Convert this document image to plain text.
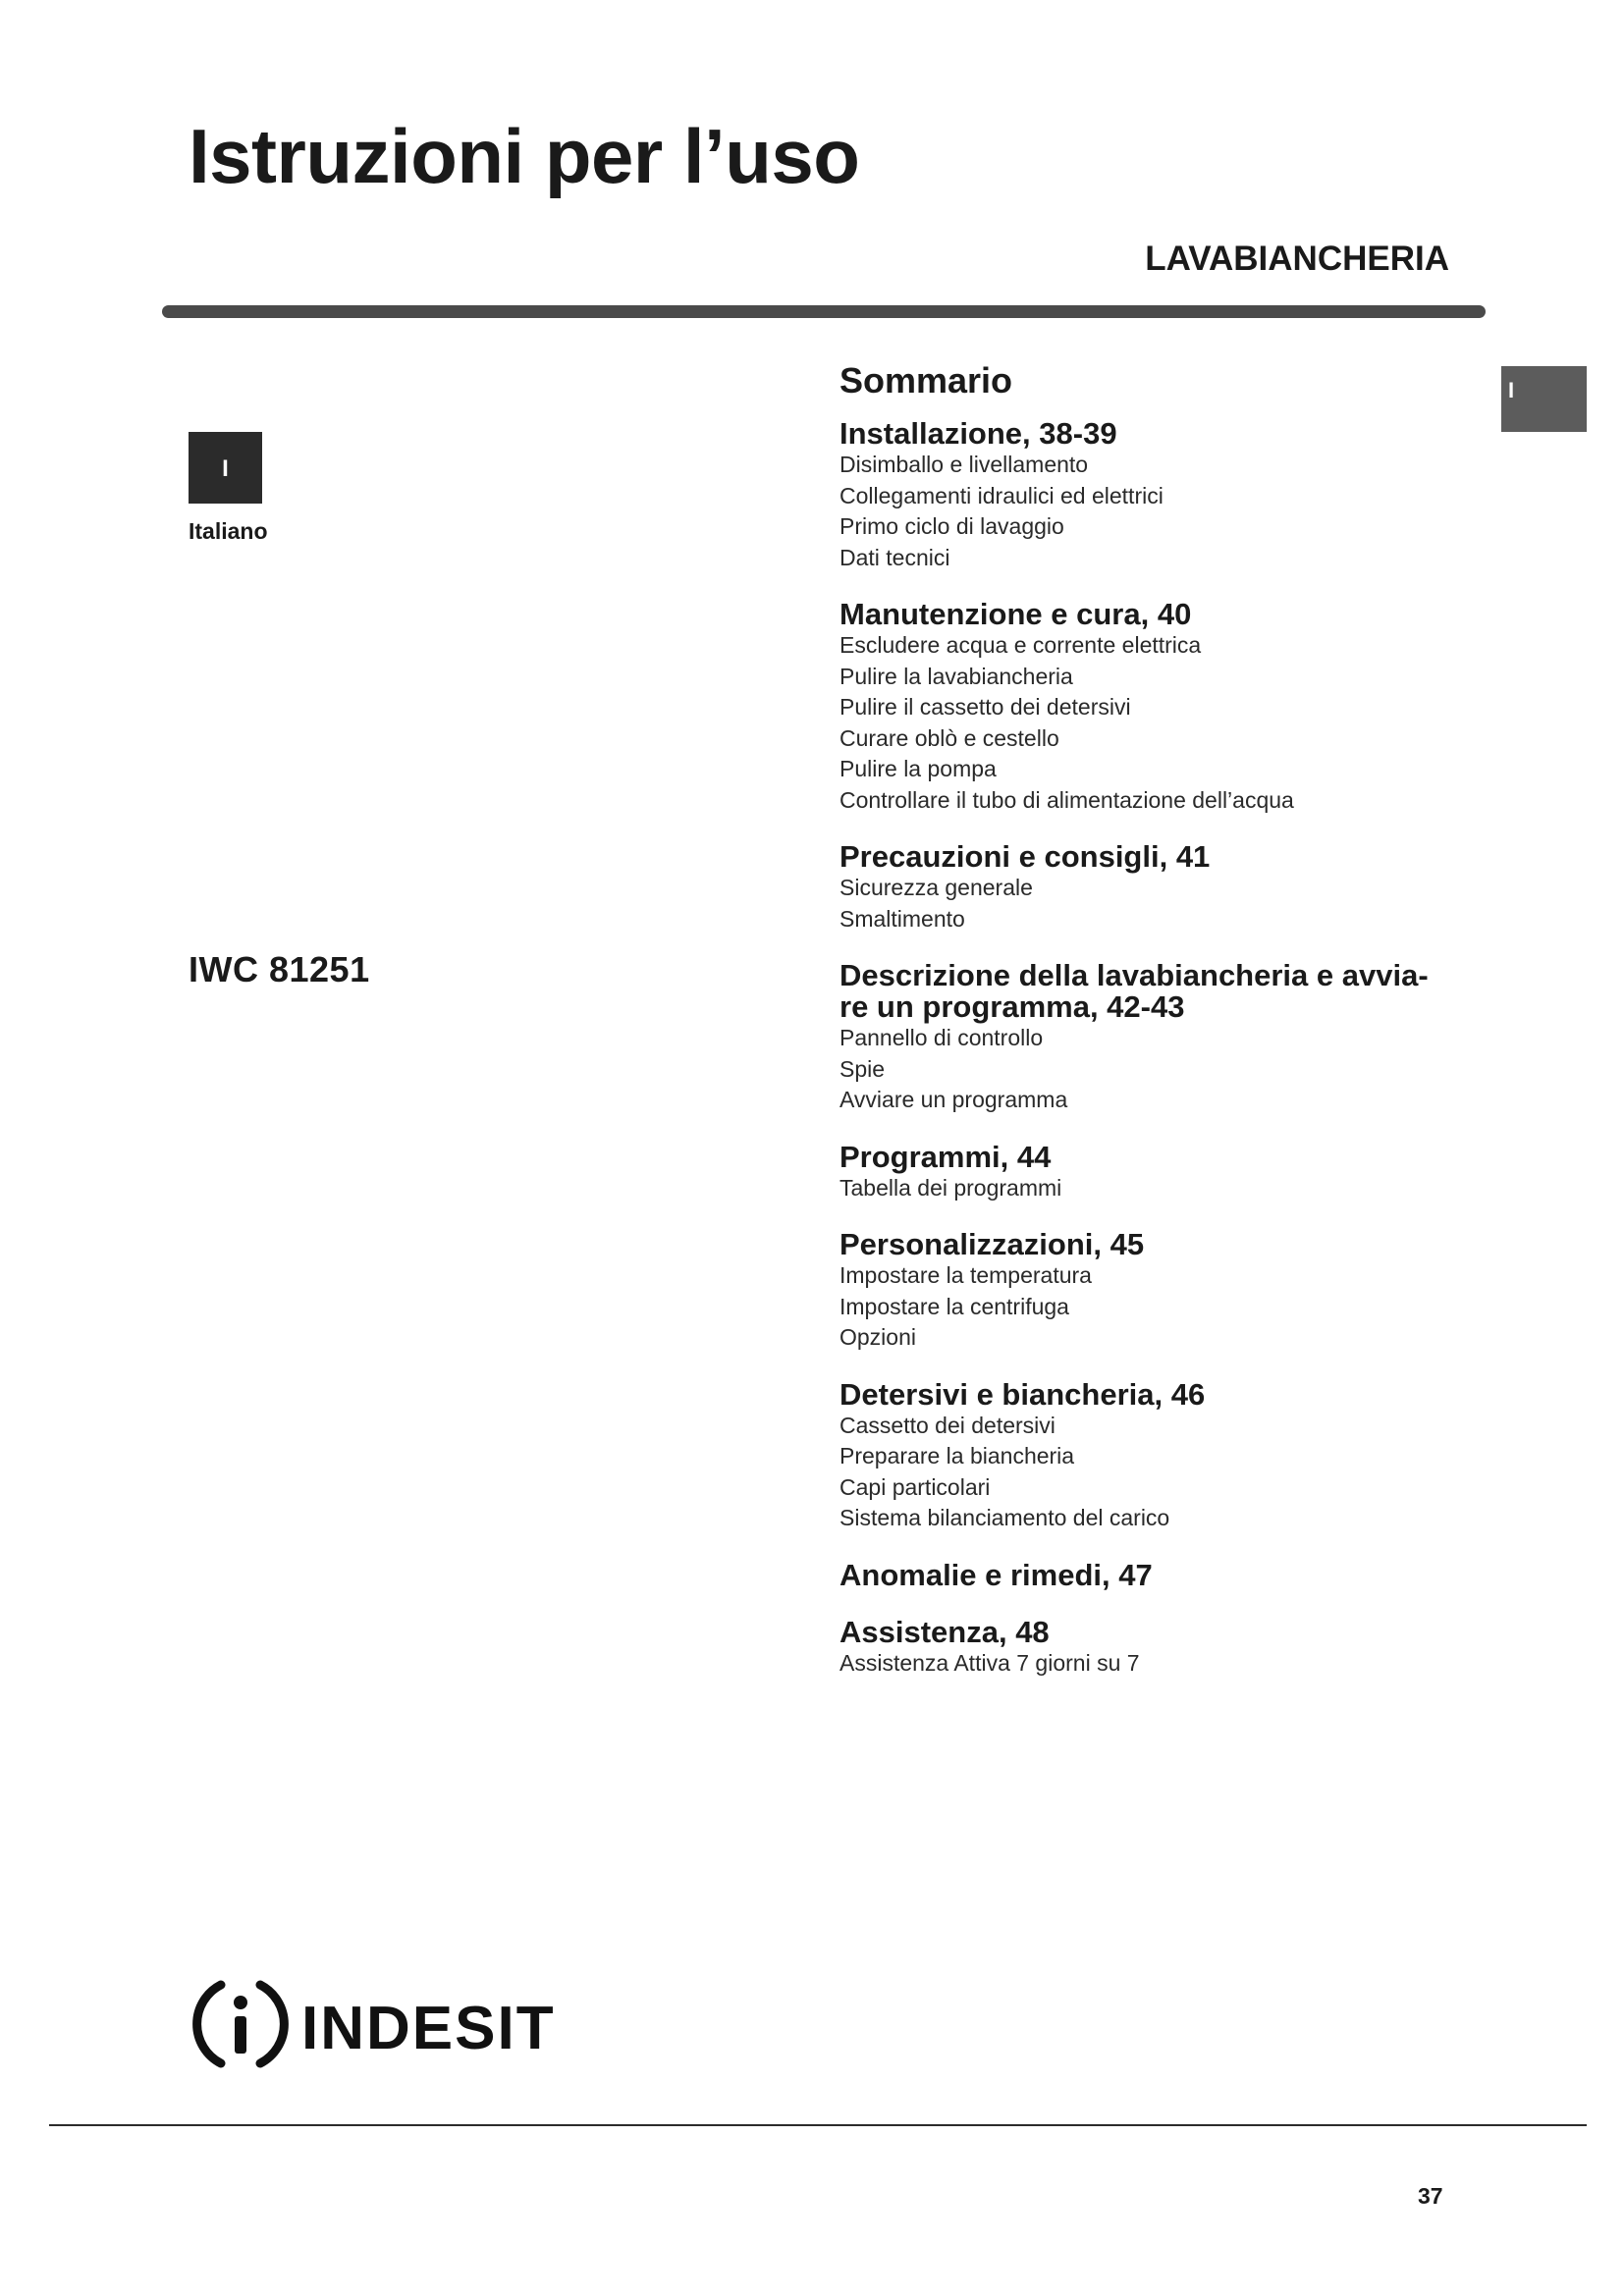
Istruzioni per l’uso
LAVABIANCHERIA
I
I
Italiano
IWC 81251
Sommario
Installazione, 38-39
Disimballo e livellamento
Collegamenti idraulici ed elettrici
Primo ciclo di lavaggio
Dati tecnici
Manutenzione e cura, 40
Escludere acqua e corrente elettrica
Pulire la lavabiancheria
Pulire il cassetto dei detersivi
Curare oblò e cestello
Pulire la pompa
Controllare il tubo di alimentazione dell’acqua
Precauzioni e consigli, 41
Sicurezza generale
Smaltimento
Descrizione della lavabiancheria e avvia-
re un programma, 42-43
Pannello di controllo
Spie
Avviare un programma
Programmi, 44
Tabella dei programmi
Personalizzazioni, 45
Impostare la temperatura
Impostare la centrifuga
Opzioni
Detersivi e biancheria, 46
Cassetto dei detersivi
Preparare la biancheria
Capi particolari
Sistema bilanciamento del carico
Anomalie e rimedi, 47
Assistenza, 48
Assistenza Attiva 7 giorni su 7
INDESIT
37
